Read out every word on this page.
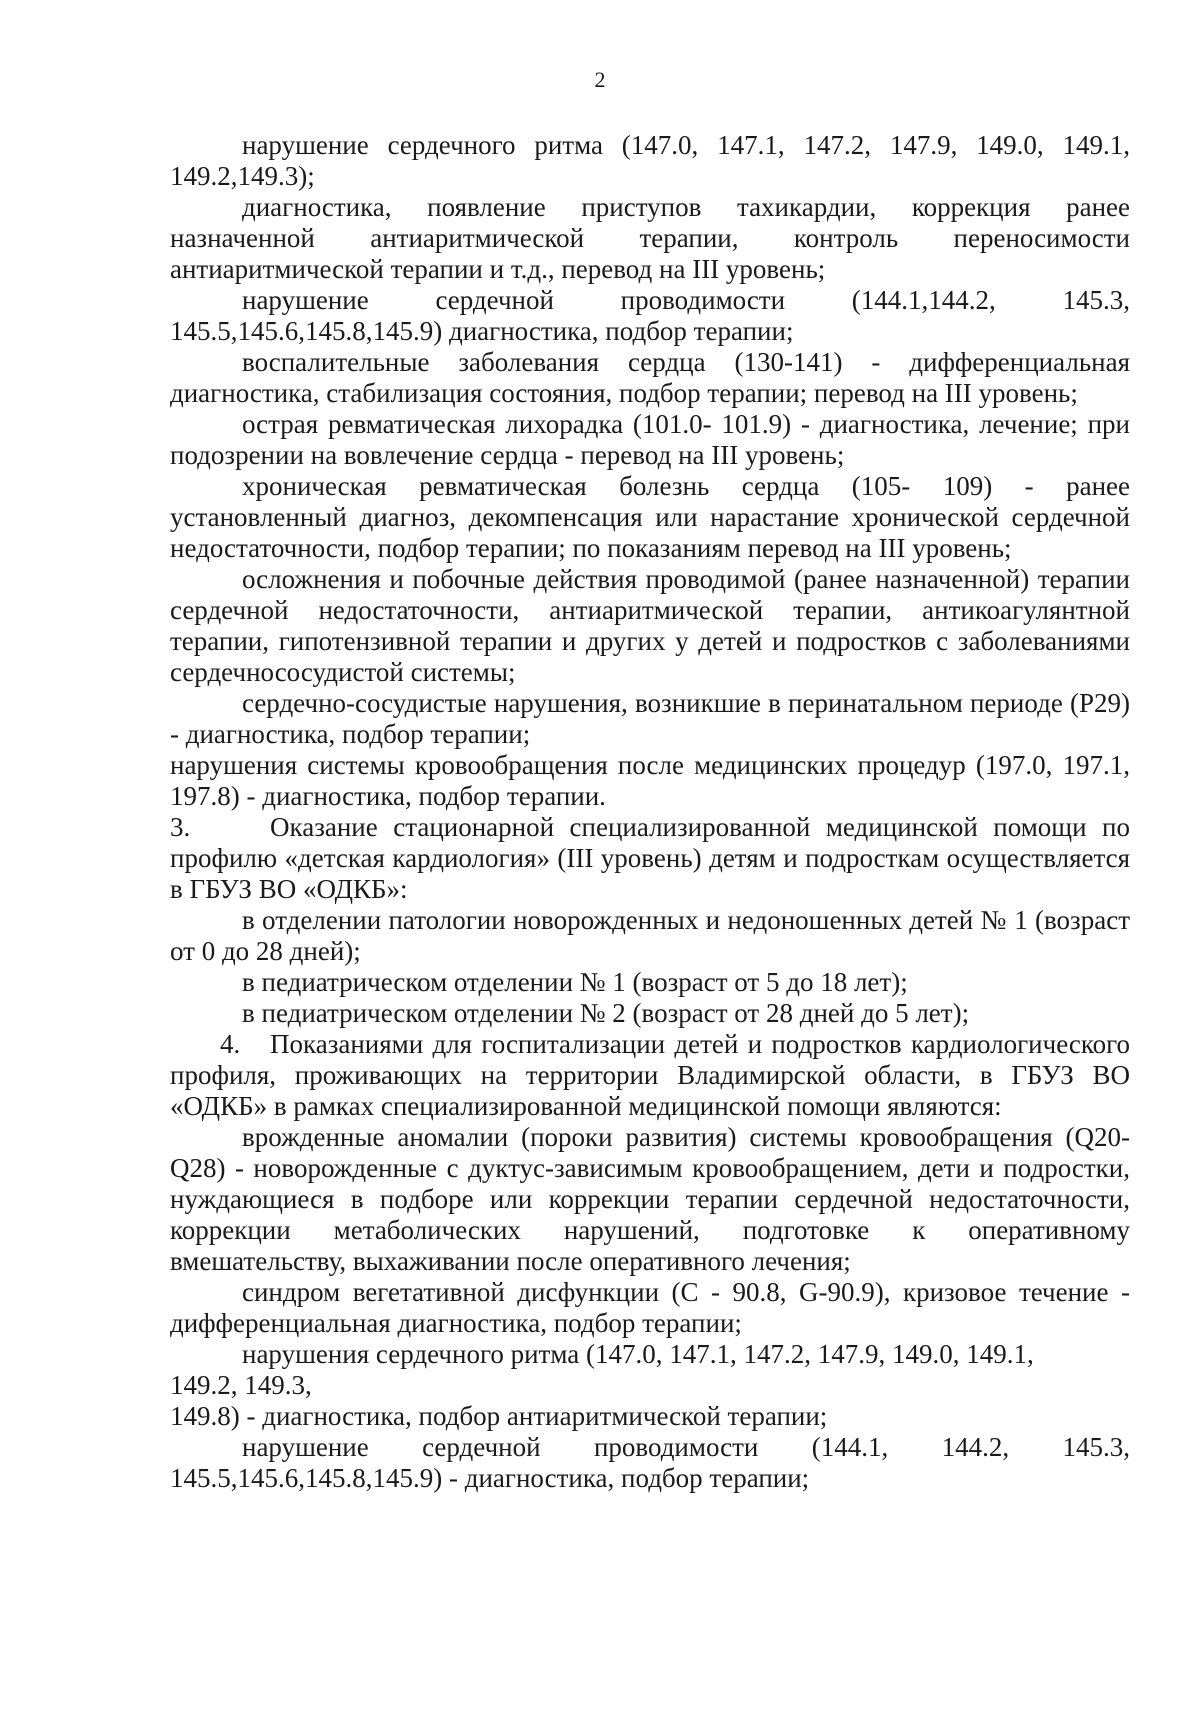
2

нарушение сердечного ритма (147.0, 147.1, 147.2, 147.9, 149.0, 149.1, 149.2,149.3);

диагностика, появление приступов тахикардии, коррекция ранее назначенной антиаритмической терапии, контроль переносимости антиаритмической терапии и т.д., перевод на III уровень;

нарушение сердечной проводимости (144.1,144.2, 145.3, 145.5,145.6,145.8,145.9) диагностика, подбор терапии;

воспалительные заболевания сердца (130-141) - дифференциальная диагностика, стабилизация состояния, подбор терапии; перевод на III уровень;

острая ревматическая лихорадка (101.0- 101.9) - диагностика, лечение; при подозрении на вовлечение сердца - перевод на III уровень;

хроническая ревматическая болезнь сердца (105- 109) - ранее установленный диагноз, декомпенсация или нарастание хронической сердечной недостаточности, подбор терапии; по показаниям перевод на III уровень;

осложнения и побочные действия проводимой (ранее назначенной) терапии сердечной недостаточности, антиаритмической терапии, антикоагулянтной терапии, гипотензивной терапии и других у детей и подростков с заболеваниями сердечнососудистой системы;

сердечно-сосудистые нарушения, возникшие в перинатальном периоде (Р29) - диагностика, подбор терапии;

нарушения системы кровообращения после медицинских процедур (197.0, 197.1, 197.8) - диагностика, подбор терапии.

3.	Оказание стационарной специализированной медицинской помощи по профилю «детская кардиология» (III уровень) детям и подросткам осуществляется в ГБУЗ ВО «ОДКБ»:

в отделении патологии новорожденных и недоношенных детей № 1 (возраст от 0 до 28 дней);

в педиатрическом отделении № 1 (возраст от 5 до 18 лет);

в педиатрическом отделении № 2 (возраст от 28 дней до 5 лет);

4. Показаниями для госпитализации детей и подростков кардиологического профиля, проживающих на территории Владимирской области, в ГБУЗ ВО «ОДКБ» в рамках специализированной медицинской помощи являются:

врожденные аномалии (пороки развития) системы кровообращения (Q20-Q28) - новорожденные с дуктус-зависимым кровообращением, дети и подростки, нуждающиеся в подборе или коррекции терапии сердечной недостаточности, коррекции метаболических нарушений, подготовке к оперативному вмешательству, выхаживании после оперативного лечения;

синдром вегетативной дисфункции (С - 90.8, G-90.9), кризовое течение - дифференциальная диагностика, подбор терапии;

нарушения сердечного ритма (147.0, 147.1, 147.2, 147.9, 149.0, 149.1,
149.2, 149.3,
149.8) - диагностика, подбор антиаритмической терапии;

нарушение сердечной проводимости (144.1, 144.2, 145.3, 145.5,145.6,145.8,145.9) - диагностика, подбор терапии;
